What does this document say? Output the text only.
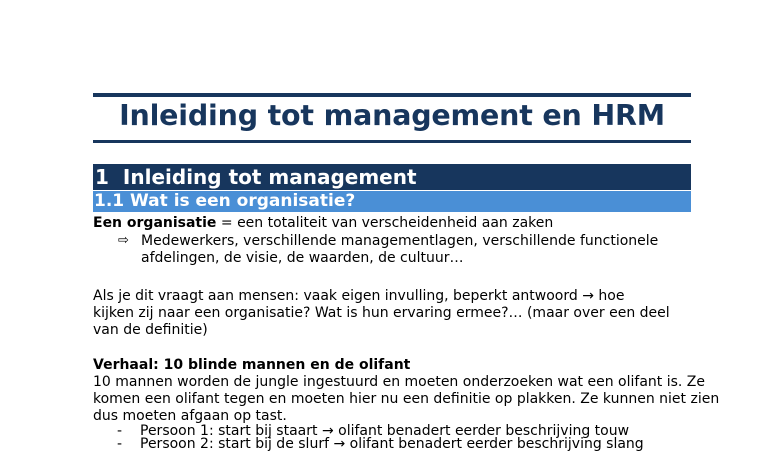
Inleiding tot management en HRM
1 Inleiding tot management
1.1 Wat is een organisatie?
Een organisatie = een totaliteit van verscheidenheid aan zaken
⇨ Medewerkers, verschillende managementlagen, verschillende functionele
afdelingen, de visie, de waarden, de cultuur…
Als je dit vraagt aan mensen: vaak eigen invulling, beperkt antwoord → hoe
kijken zij naar een organisatie? Wat is hun ervaring ermee?… (maar over een deel
van de definitie)
Verhaal: 10 blinde mannen en de olifant
10 mannen worden de jungle ingestuurd en moeten onderzoeken wat een olifant is. Ze
komen een olifant tegen en moeten hier nu een definitie op plakken. Ze kunnen niet zien
dus moeten afgaan op tast.
- Persoon 1: start bij staart → olifant benadert eerder beschrijving touw
- Persoon 2: start bij de slurf → olifant benadert eerder beschrijving slang
